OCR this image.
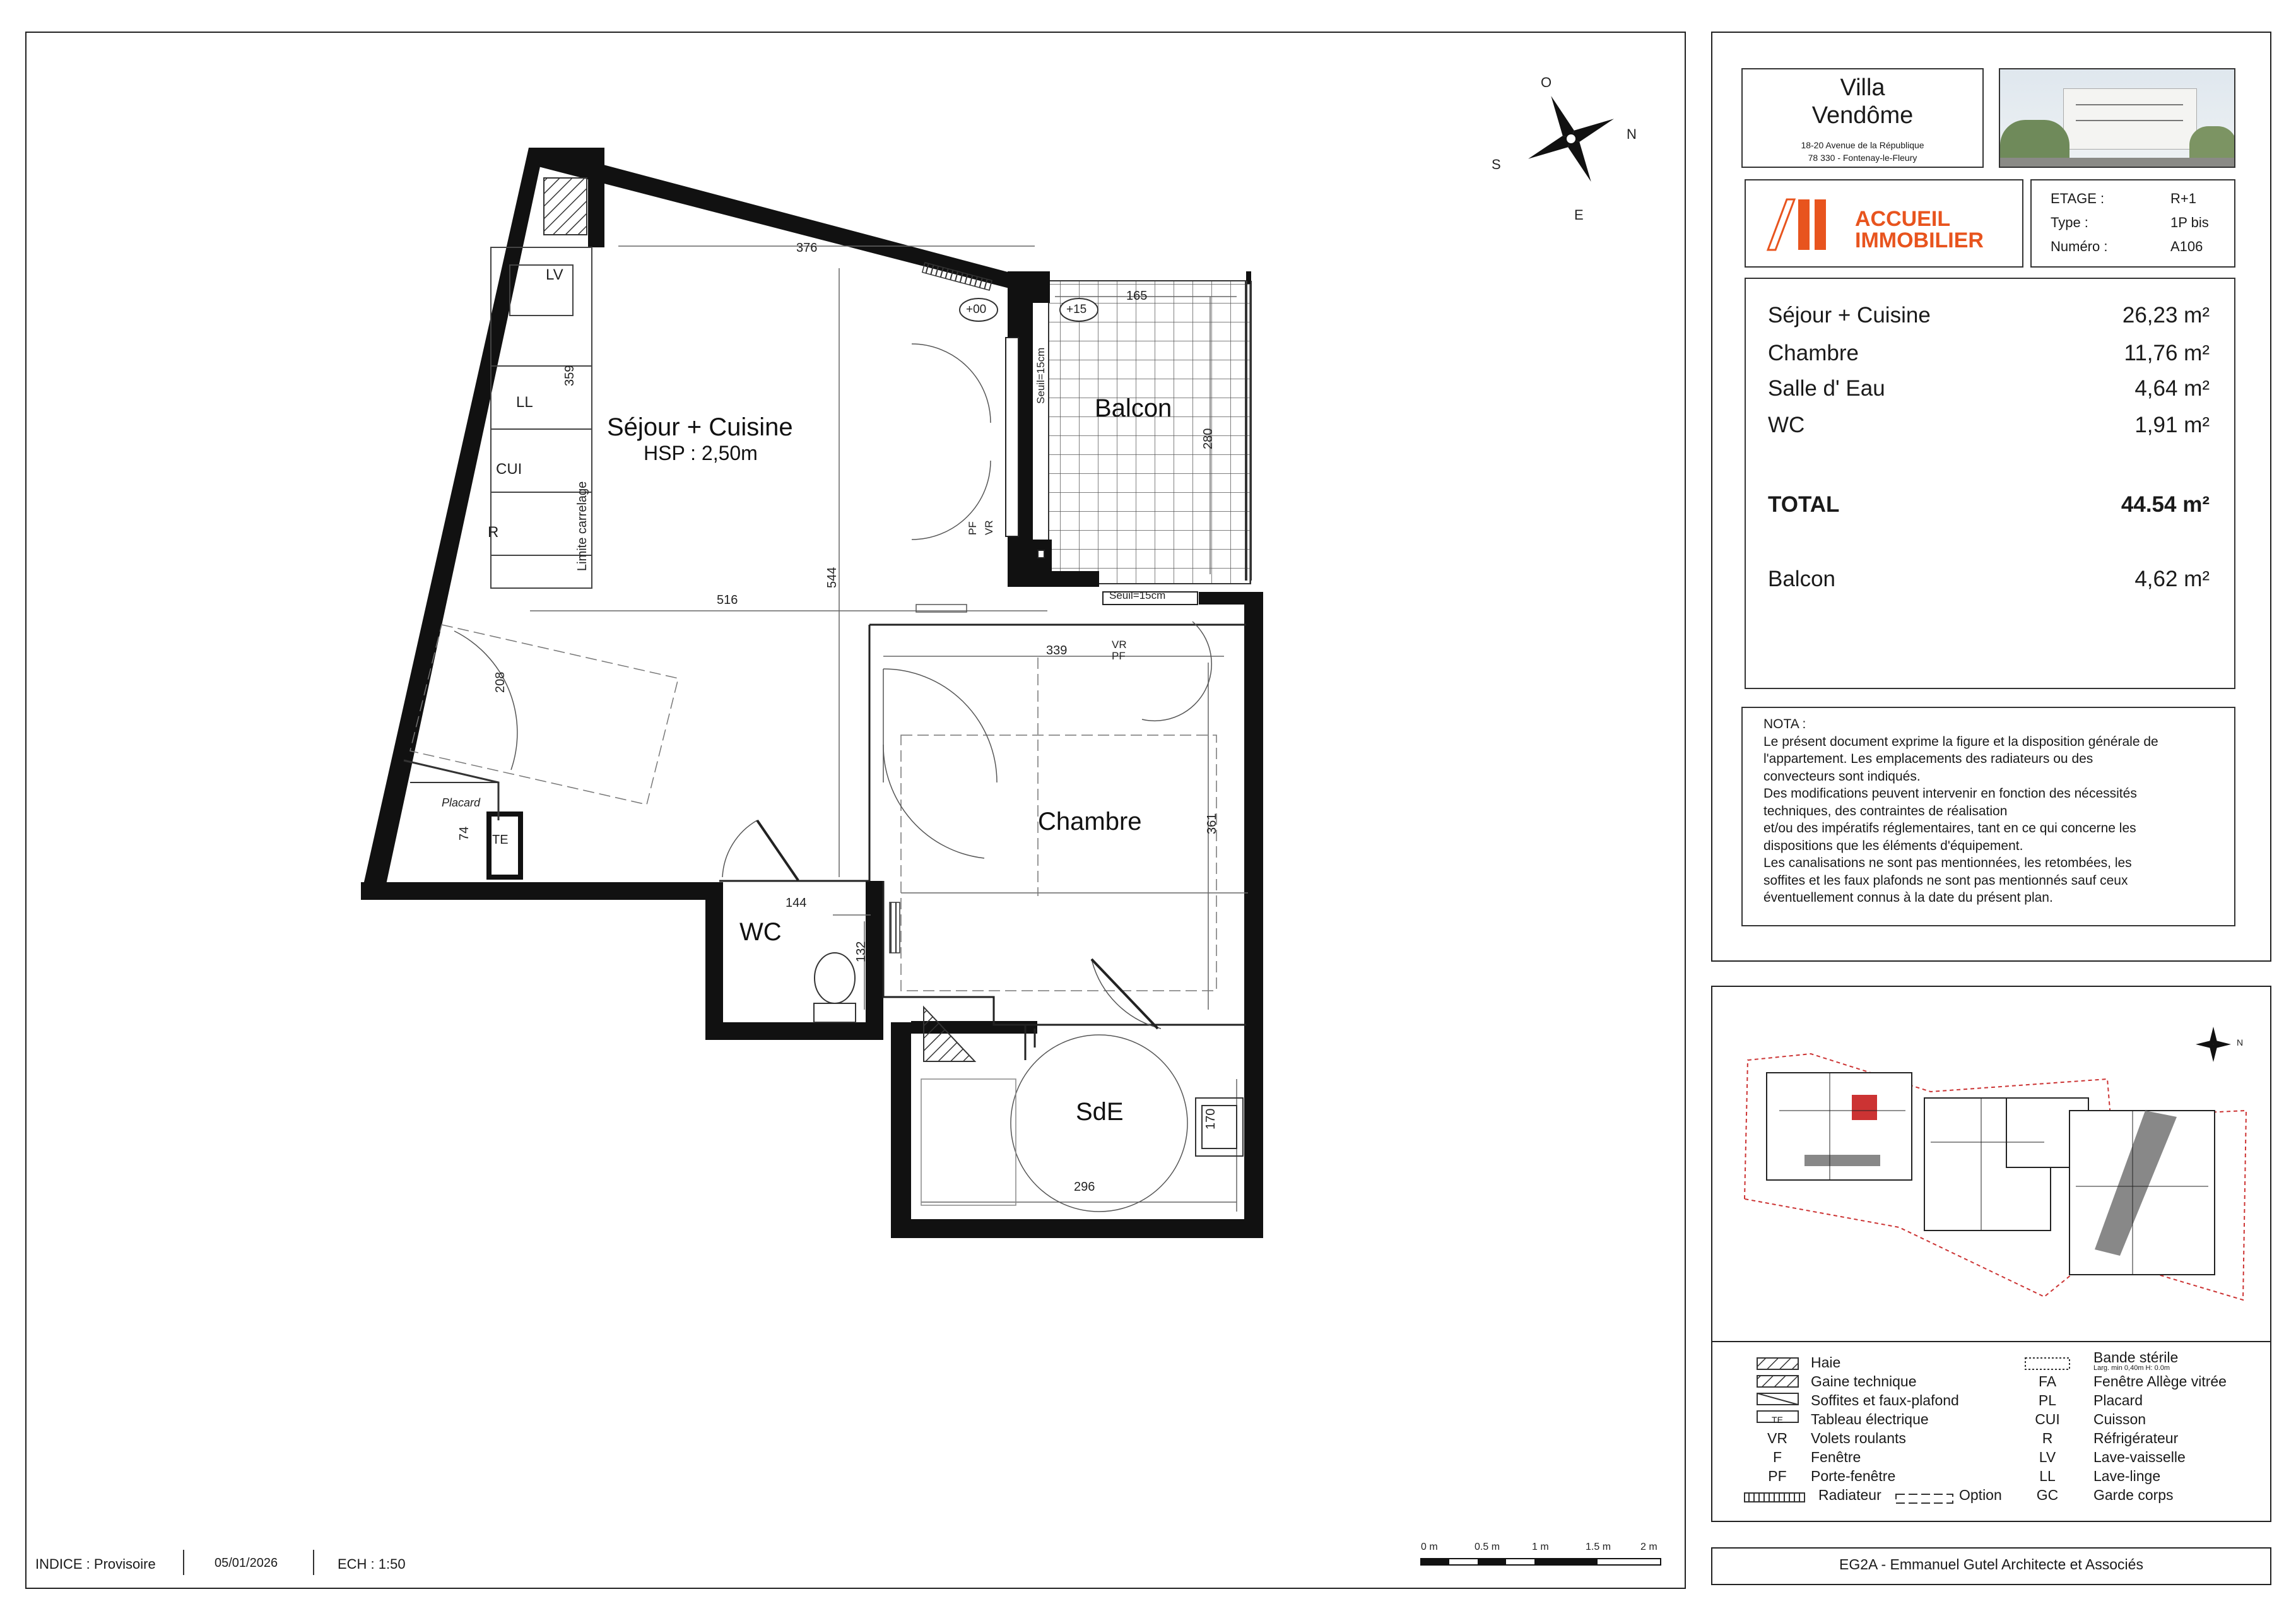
Séjour + Cuisine
HSP : 2,50m
Balcon
Chambre
WC
SdE
LV
LL
CUI
R
TE
Placard
Limite carrelage
Seuil=15cm
Seuil=15cm
PF VR
VR
PF
+00	+15
376
165
359
280
544
516
339
208
361
74
144
132
170
296
O
N
S
E
0 m	0.5 m	1 m	1.5 m	2 m
INDICE : Provisoire	05/01/2026	ECH : 1:50	EG2A - Emmanuel Gutel Architecte et Associés
Villa
Vendôme
18-20 Avenue de la République
78 330 - Fontenay-le-Fleury
ACCUEIL
IMMOBILIER
ETAGE :	R+1
Type :	1P bis
Numéro :	A106
Séjour + Cuisine	26,23 m²
Chambre	11,76 m²
Salle d' Eau	4,64 m²
WC	1,91 m²
TOTAL	44.54 m²
Balcon	4,62 m²
NOTA :
Le présent document exprime la figure et la disposition générale de
l'appartement. Les emplacements des radiateurs ou des
convecteurs sont indiqués.
Des modifications peuvent intervenir en fonction des nécessités
techniques, des contraintes de réalisation
et/ou des impératifs réglementaires, tant en ce qui concerne les
dispositions que les éléments d'équipement.
Les canalisations ne sont pas mentionnées, les retombées, les
soffites et les faux plafonds ne sont pas mentionnés sauf ceux
éventuellement connus à la date du présent plan.
N
Haie
Gaine technique
Soffites et faux-plafond
TE	Tableau électrique
VR	Volets roulants
F	Fenêtre
PF	Porte-fenêtre
Radiateur	Option
Bande stérile
Larg. min 0,40m H: 0.0m
FA	Fenêtre Allège vitrée
PL	Placard
CUI	Cuisson
R	Réfrigérateur
LV	Lave-vaisselle
LL	Lave-linge
GC	Garde corps
